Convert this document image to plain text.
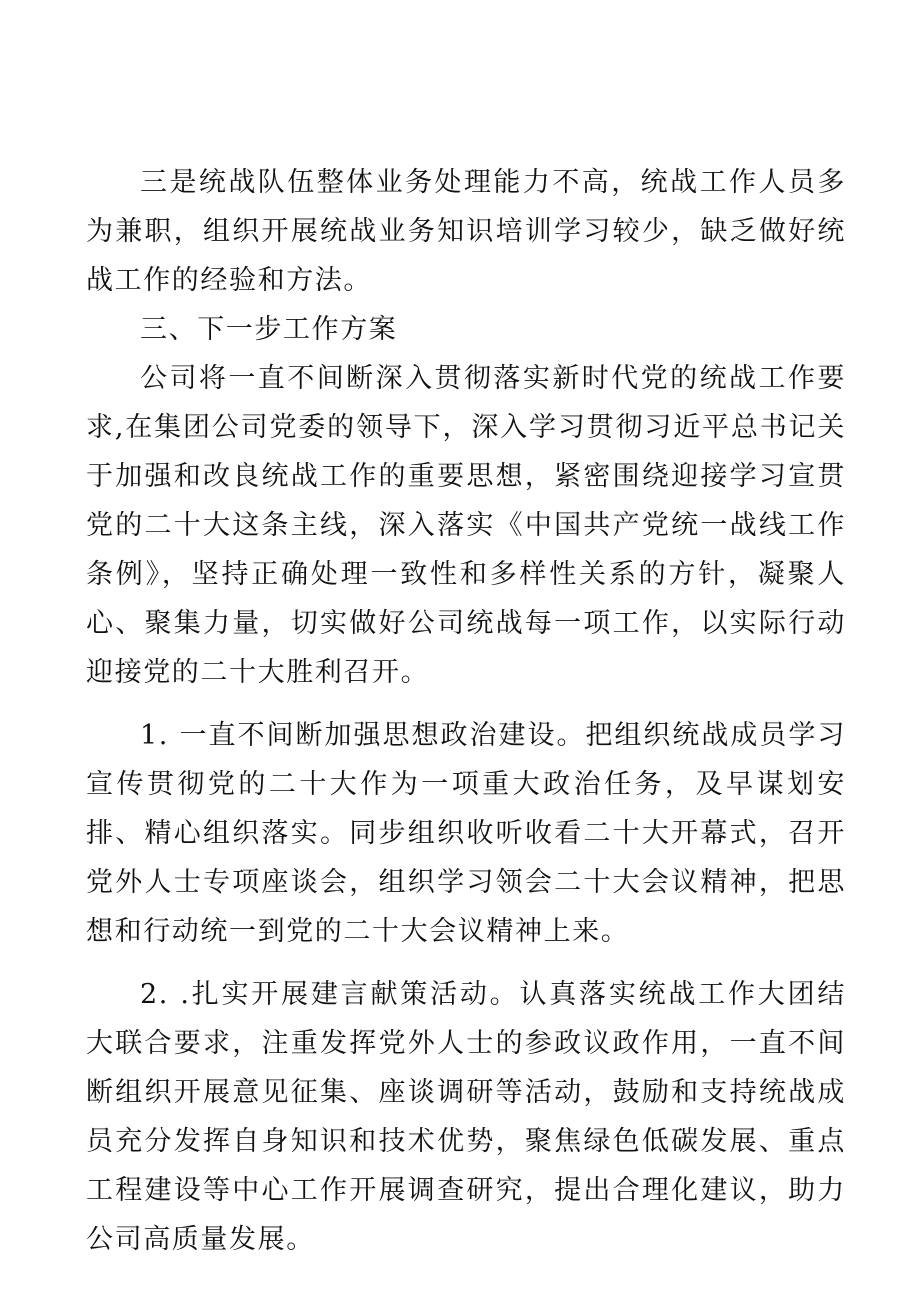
三是统战队伍整体业务处理能力不高，统战工作人员多为兼职，组织开展统战业务知识培训学习较少，缺乏做好统战工作的经验和方法。

三、下一步工作方案

公司将一直不间断深入贯彻落实新时代党的统战工作要求,在集团公司党委的领导下，深入学习贯彻习近平总书记关于加强和改良统战工作的重要思想，紧密围绕迎接学习宣贯党的二十大这条主线，深入落实《中国共产党统一战线工作条例》，坚持正确处理一致性和多样性关系的方针，凝聚人心、聚集力量，切实做好公司统战每一项工作，以实际行动迎接党的二十大胜利召开。

1. 一直不间断加强思想政治建设。把组织统战成员学习宣传贯彻党的二十大作为一项重大政治任务，及早谋划安排、精心组织落实。同步组织收听收看二十大开幕式，召开党外人士专项座谈会，组织学习领会二十大会议精神，把思想和行动统一到党的二十大会议精神上来。

2. .扎实开展建言献策活动。认真落实统战工作大团结大联合要求，注重发挥党外人士的参政议政作用，一直不间断组织开展意见征集、座谈调研等活动，鼓励和支持统战成员充分发挥自身知识和技术优势，聚焦绿色低碳发展、重点工程建设等中心工作开展调查研究，提出合理化建议，助力公司高质量发展。
